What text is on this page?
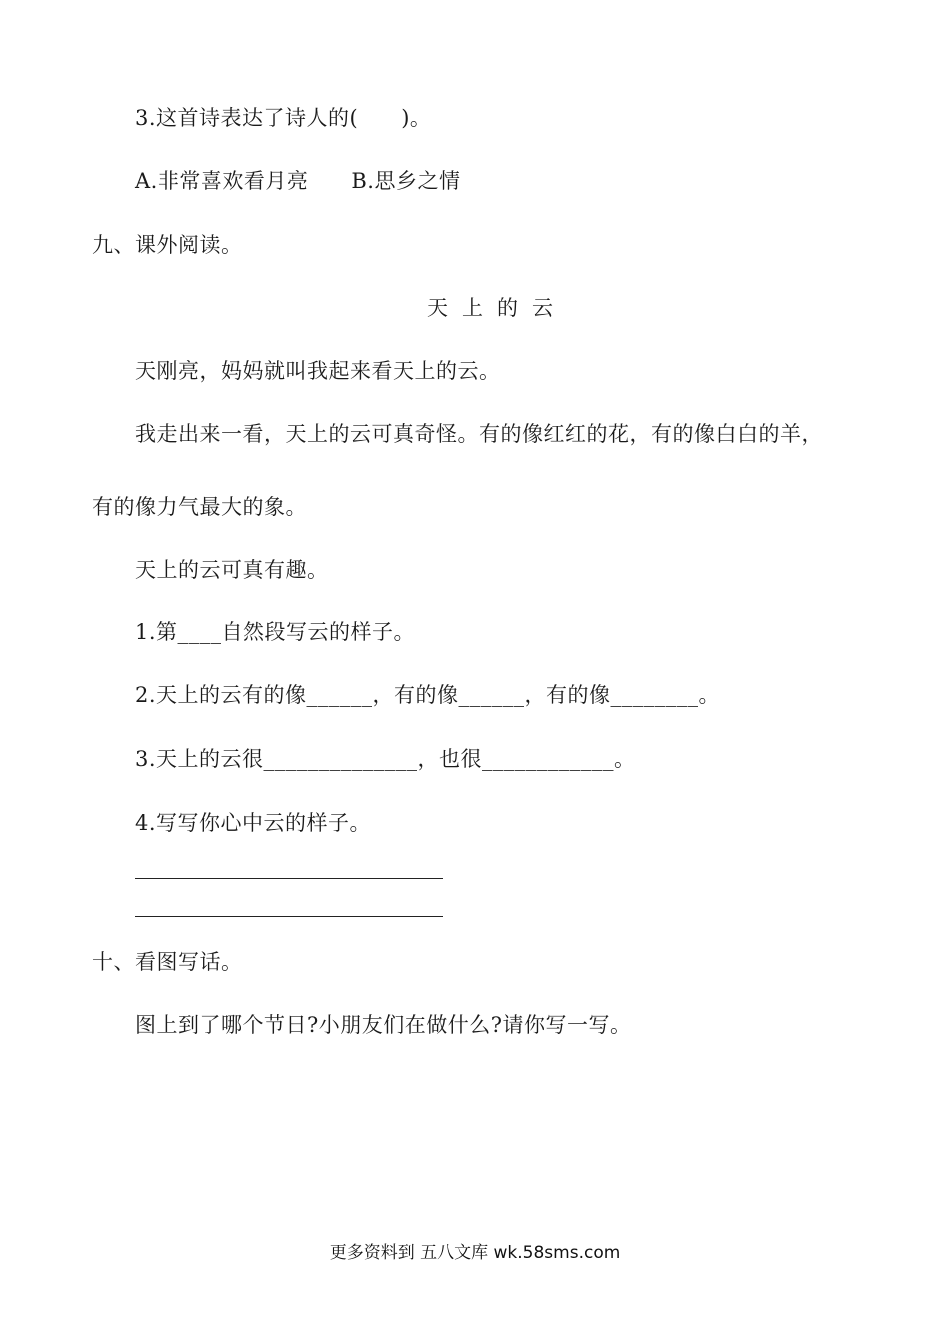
3.这首诗表达了诗人的(　　)。
A.非常喜欢看月亮　　B.思乡之情
九、课外阅读。
天上的云
天刚亮，妈妈就叫我起来看天上的云。
我走出来一看，天上的云可真奇怪。有的像红红的花，有的像白白的羊，
有的像力气最大的象。
天上的云可真有趣。
1.第____自然段写云的样子。
2.天上的云有的像______，有的像______，有的像________。
3.天上的云很______________，也很____________。
4.写写你心中云的样子。
十、看图写话。
图上到了哪个节日?小朋友们在做什么?请你写一写。
更多资料到 五八文库 wk.58sms.com
